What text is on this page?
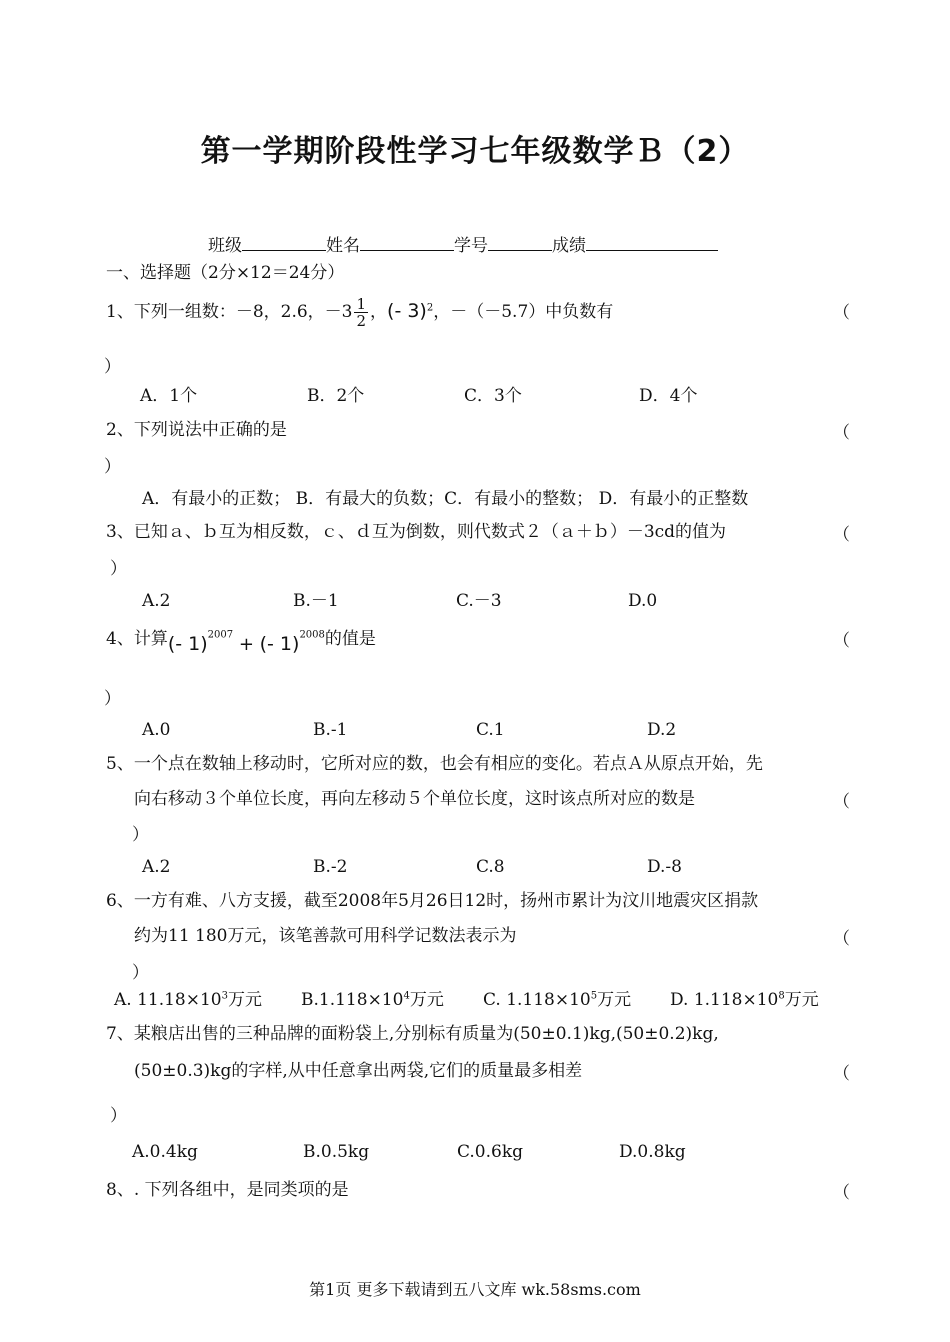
第一学期阶段性学习七年级数学Ｂ（2）
班级	姓名	学号	成绩
一、选择题（2分×12＝24分）
1、下列一组数：－8，2.6，$-3 \frac{1}{2}$ ，(- 3)$^2$，－（－5.7）中负数有	（
）
A．1个	B．2个	C．3个	D．4个
2、下列说法中正确的是	（
）
A．有最小的正数； B．有最大的负数；C．有最小的整数； D．有最小的正整数
3、已知ａ、ｂ互为相反数，ｃ、ｄ互为倒数，则代数式２（ａ＋ｂ）－3cd的值为	（
）
A.2	B.－1	C.－3	D.0
4、计算(- 1)$^{2007}$ + (- 1)$^{2008}$的值是	（
）
A.0	B.-1	C.1	D.2
5、一个点在数轴上移动时，它所对应的数，也会有相应的变化。若点Ａ从原点开始，先
向右移动３个单位长度，再向左移动５个单位长度，这时该点所对应的数是	（
）
A.2	B.-2	C.8	D.-8
6、一方有难、八方支援，截至2008年5月26日12时，扬州市累计为汶川地震灾区捐款
约为11 180万元，该笔善款可用科学记数法表示为	（
）
A. $11.18\times 10^3$万元 $B.1.118\times 10^4$万元 C. $1.118\times 10^5$万元 D. $1.118\times 10^8$万元
7、某粮店出售的三种品牌的面粉袋上,分别标有质量为(50±0.1)kg,(50±0.2)kg,
(50±0.3)kg的字样,从中任意拿出两袋,它们的质量最多相差	（
）
A.0.4kg	B.0.5kg	C.0.6kg	D.0.8kg
8、. 下列各组中，是同类项的是	（
第1页 更多下载请到五八文库 wk.58sms.com
